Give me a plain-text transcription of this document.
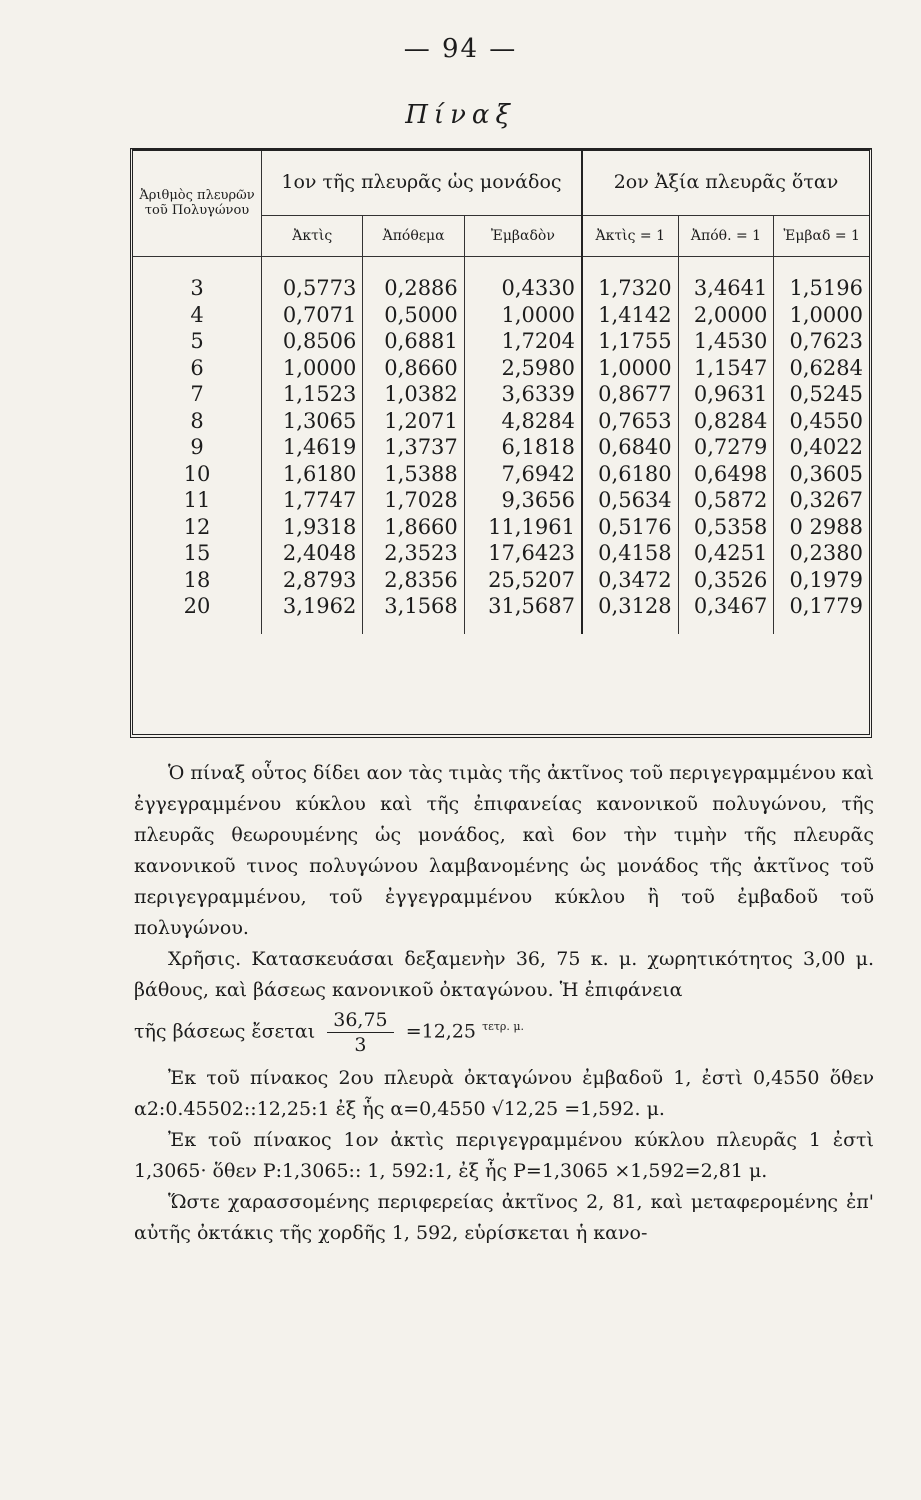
— 94 —
Πίναξ
Ἀριθμὸς πλευρῶν τοῦ Πολυγώνου	1ον τῆς πλευρᾶς ὡς μονάδος			2ον Ἀξία πλευρᾶς ὅταν		
	Ἀκτὶς	Ἀπόθεμα	Ἐμβαδὸν	Ἀκτὶς = 1	Ἀπόθ. = 1	Ἐμβαδ = 1
3	0,5773	0,2886	0,4330	1,7320	3,4641	1,5196
4	0,7071	0,5000	1,0000	1,4142	2,0000	1,0000
5	0,8506	0,6881	1,7204	1,1755	1,4530	0,7623
6	1,0000	0,8660	2,5980	1,0000	1,1547	0,6284
7	1,1523	1,0382	3,6339	0,8677	0,9631	0,5245
8	1,3065	1,2071	4,8284	0,7653	0,8284	0,4550
9	1,4619	1,3737	6,1818	0,6840	0,7279	0,4022
10	1,6180	1,5388	7,6942	0,6180	0,6498	0,3605
11	1,7747	1,7028	9,3656	0,5634	0,5872	0,3267
12	1,9318	1,8660	11,1961	0,5176	0,5358	0 2988
15	2,4048	2,3523	17,6423	0,4158	0,4251	0,2380
18	2,8793	2,8356	25,5207	0,3472	0,3526	0,1979
20	3,1962	3,1568	31,5687	0,3128	0,3467	0,1779

Ὁ πίναξ οὗτος δίδει αον τὰς τιμὰς τῆς ἀκτῖνος τοῦ περιγεγραμμένου καὶ ἐγγεγραμμένου κύκλου καὶ τῆς ἐπιφανείας κανονικοῦ πολυγώνου, τῆς πλευρᾶς θεωρουμένης ὡς μονάδος, καὶ 6ον τὴν τιμὴν τῆς πλευρᾶς κανονικοῦ τινος πολυγώνου λαμβανομένης ὡς μονάδος τῆς ἀκτῖνος τοῦ περιγεγραμμένου, τοῦ ἐγγεγραμμένου κύκλου ἢ τοῦ ἐμβαδοῦ τοῦ πολυγώνου.

Χρῆσις. Κατασκευάσαι δεξαμενὴν 36, 75 κ. μ. χωρητικότητος 3,00 μ. βάθους, καὶ βάσεως κανονικοῦ ὀκταγώνου. Ἡ ἐπιφάνεια

τῆς βάσεως ἔσεται $\frac{36,75}{3} =12,25$ $^{\tau\varepsilon\tau\rho. \mu.}$

Ἐκ τοῦ πίνακος 2ου πλευρὰ ὀκταγώνου ἐμβαδοῦ 1, ἐστὶ 0,4550 ὅθεν α2:0.45502::12,25:1 ἐξ ἧς α=0,4550 √12,25 =1,592. μ.

Ἐκ τοῦ πίνακος 1ον ἀκτὶς περιγεγραμμένου κύκλου πλευρᾶς 1 ἐστὶ 1,3065· ὅθεν Ρ:1,3065:: 1, 592:1, ἐξ ἧς Ρ=1,3065 ×1,592=2,81 μ.

Ὥστε χαρασσομένης περιφερείας ἀκτῖνος 2, 81, καὶ μεταφερομένης ἐπ' αὐτῆς ὀκτάκις τῆς χορδῆς 1, 592, εὑρίσκεται ἡ κανο-
